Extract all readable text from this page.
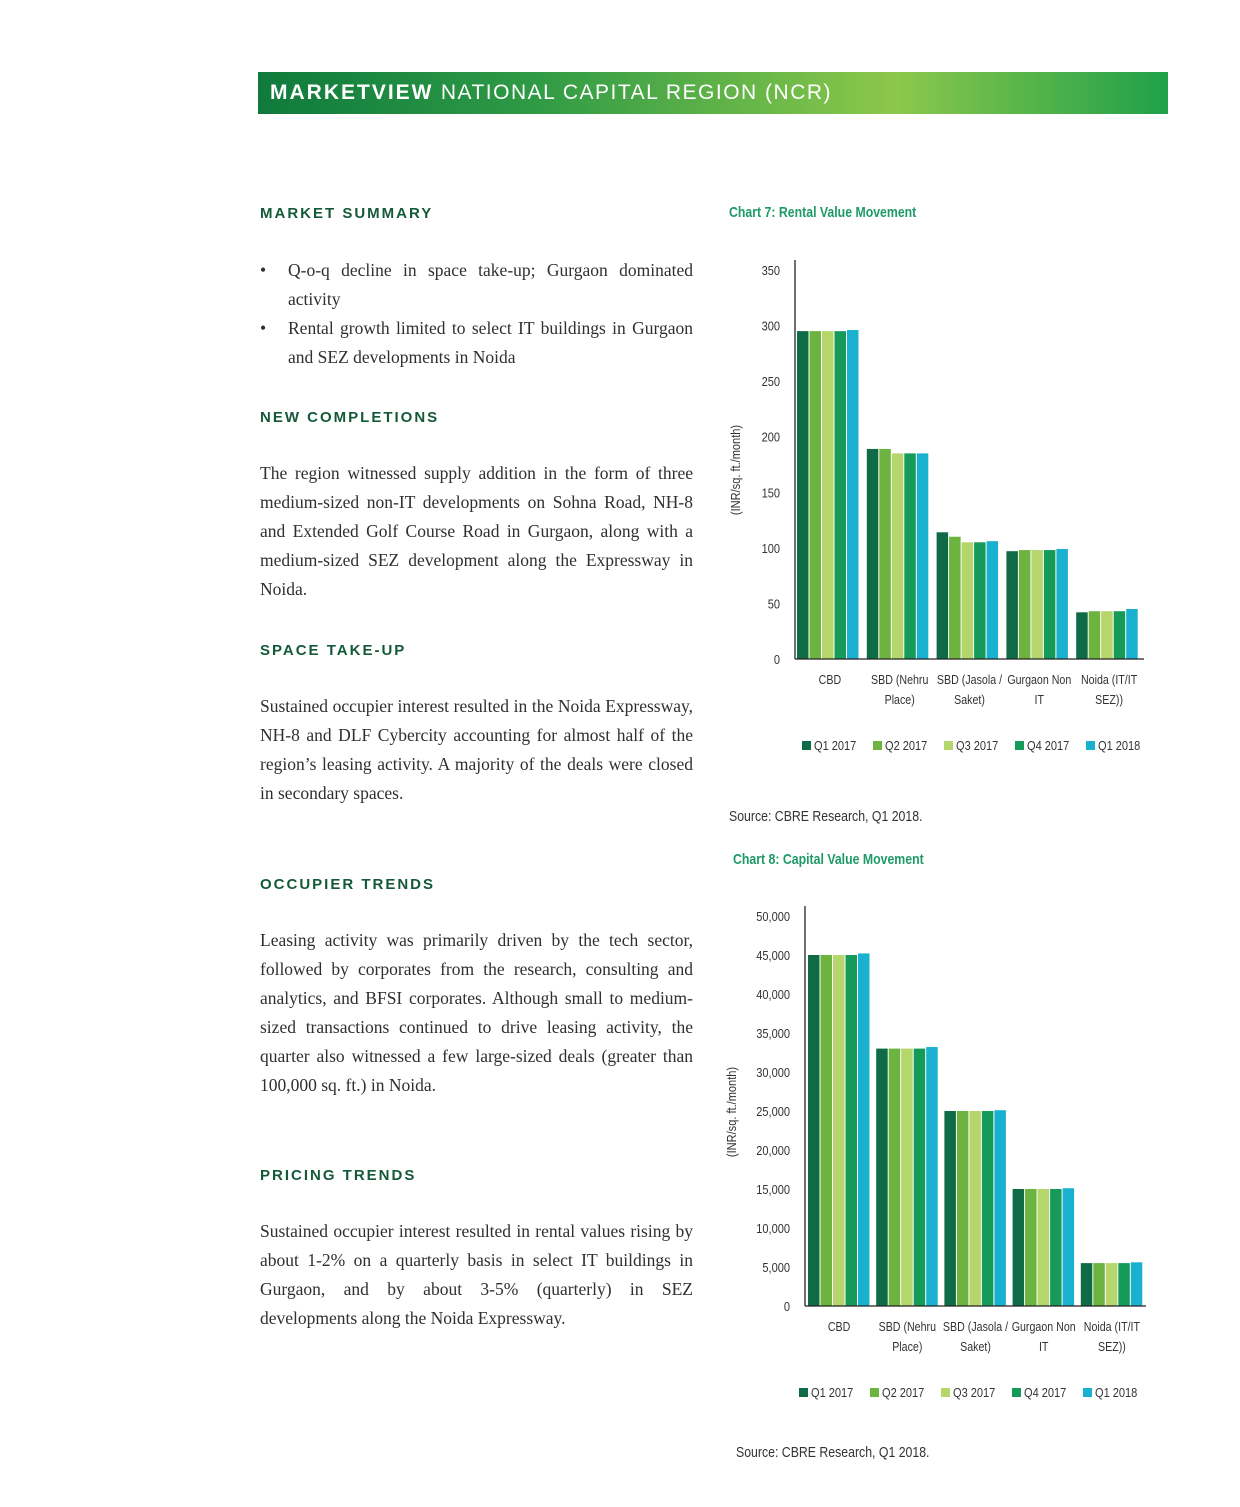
MARKETVIEW NATIONAL CAPITAL REGION (NCR)
MARKET SUMMARY
• Q-o-q decline in space take-up; Gurgaon dominated activity
• Rental growth limited to select IT buildings in Gurgaon and SEZ developments in Noida
NEW COMPLETIONS

The region witnessed supply addition in the form of three medium-sized non-IT developments on Sohna Road, NH-8 and Extended Golf Course Road in Gurgaon, along with a medium-sized SEZ development along the Expressway in Noida.

SPACE TAKE-UP

Sustained occupier interest resulted in the Noida Expressway, NH-8 and DLF Cybercity accounting for almost half of the region’s leasing activity. A majority of the deals were closed in secondary spaces.

OCCUPIER TRENDS

Leasing activity was primarily driven by the tech sector, followed by corporates from the research, consulting and analytics, and BFSI corporates. Although small to medium-sized transactions continued to drive leasing activity, the quarter also witnessed a few large-sized deals (greater than 100,000 sq. ft.) in Noida.

PRICING TRENDS

Sustained occupier interest resulted in rental values rising by about 1-2% on a quarterly basis in select IT buildings in Gurgaon, and by about 3-5% (quarterly) in SEZ developments along the Noida Expressway.

Chart 7: Rental Value Movement
0
50
100
150
200
250
300
350
(INR/sq. ft./month)
CBD SBD (Nehru
Place)
SBD (Jasola /
Saket)
Gurgaon Non
IT
Noida (IT/IT
SEZ))
Q1 2017 Q2 2017 Q3 2017 Q4 2017 Q1 2018
Source: CBRE Research, Q1 2018.
Chart 8: Capital Value Movement
0
5,000
10,000
15,000
20,000
25,000
30,000
35,000
40,000
45,000
50,000
(INR/sq. ft./month)
CBD SBD (Nehru
Place)
SBD (Jasola /
Saket)
Gurgaon Non
IT
Noida (IT/IT
SEZ))
Q1 2017 Q2 2017 Q3 2017 Q4 2017 Q1 2018
Source: CBRE Research, Q1 2018.
